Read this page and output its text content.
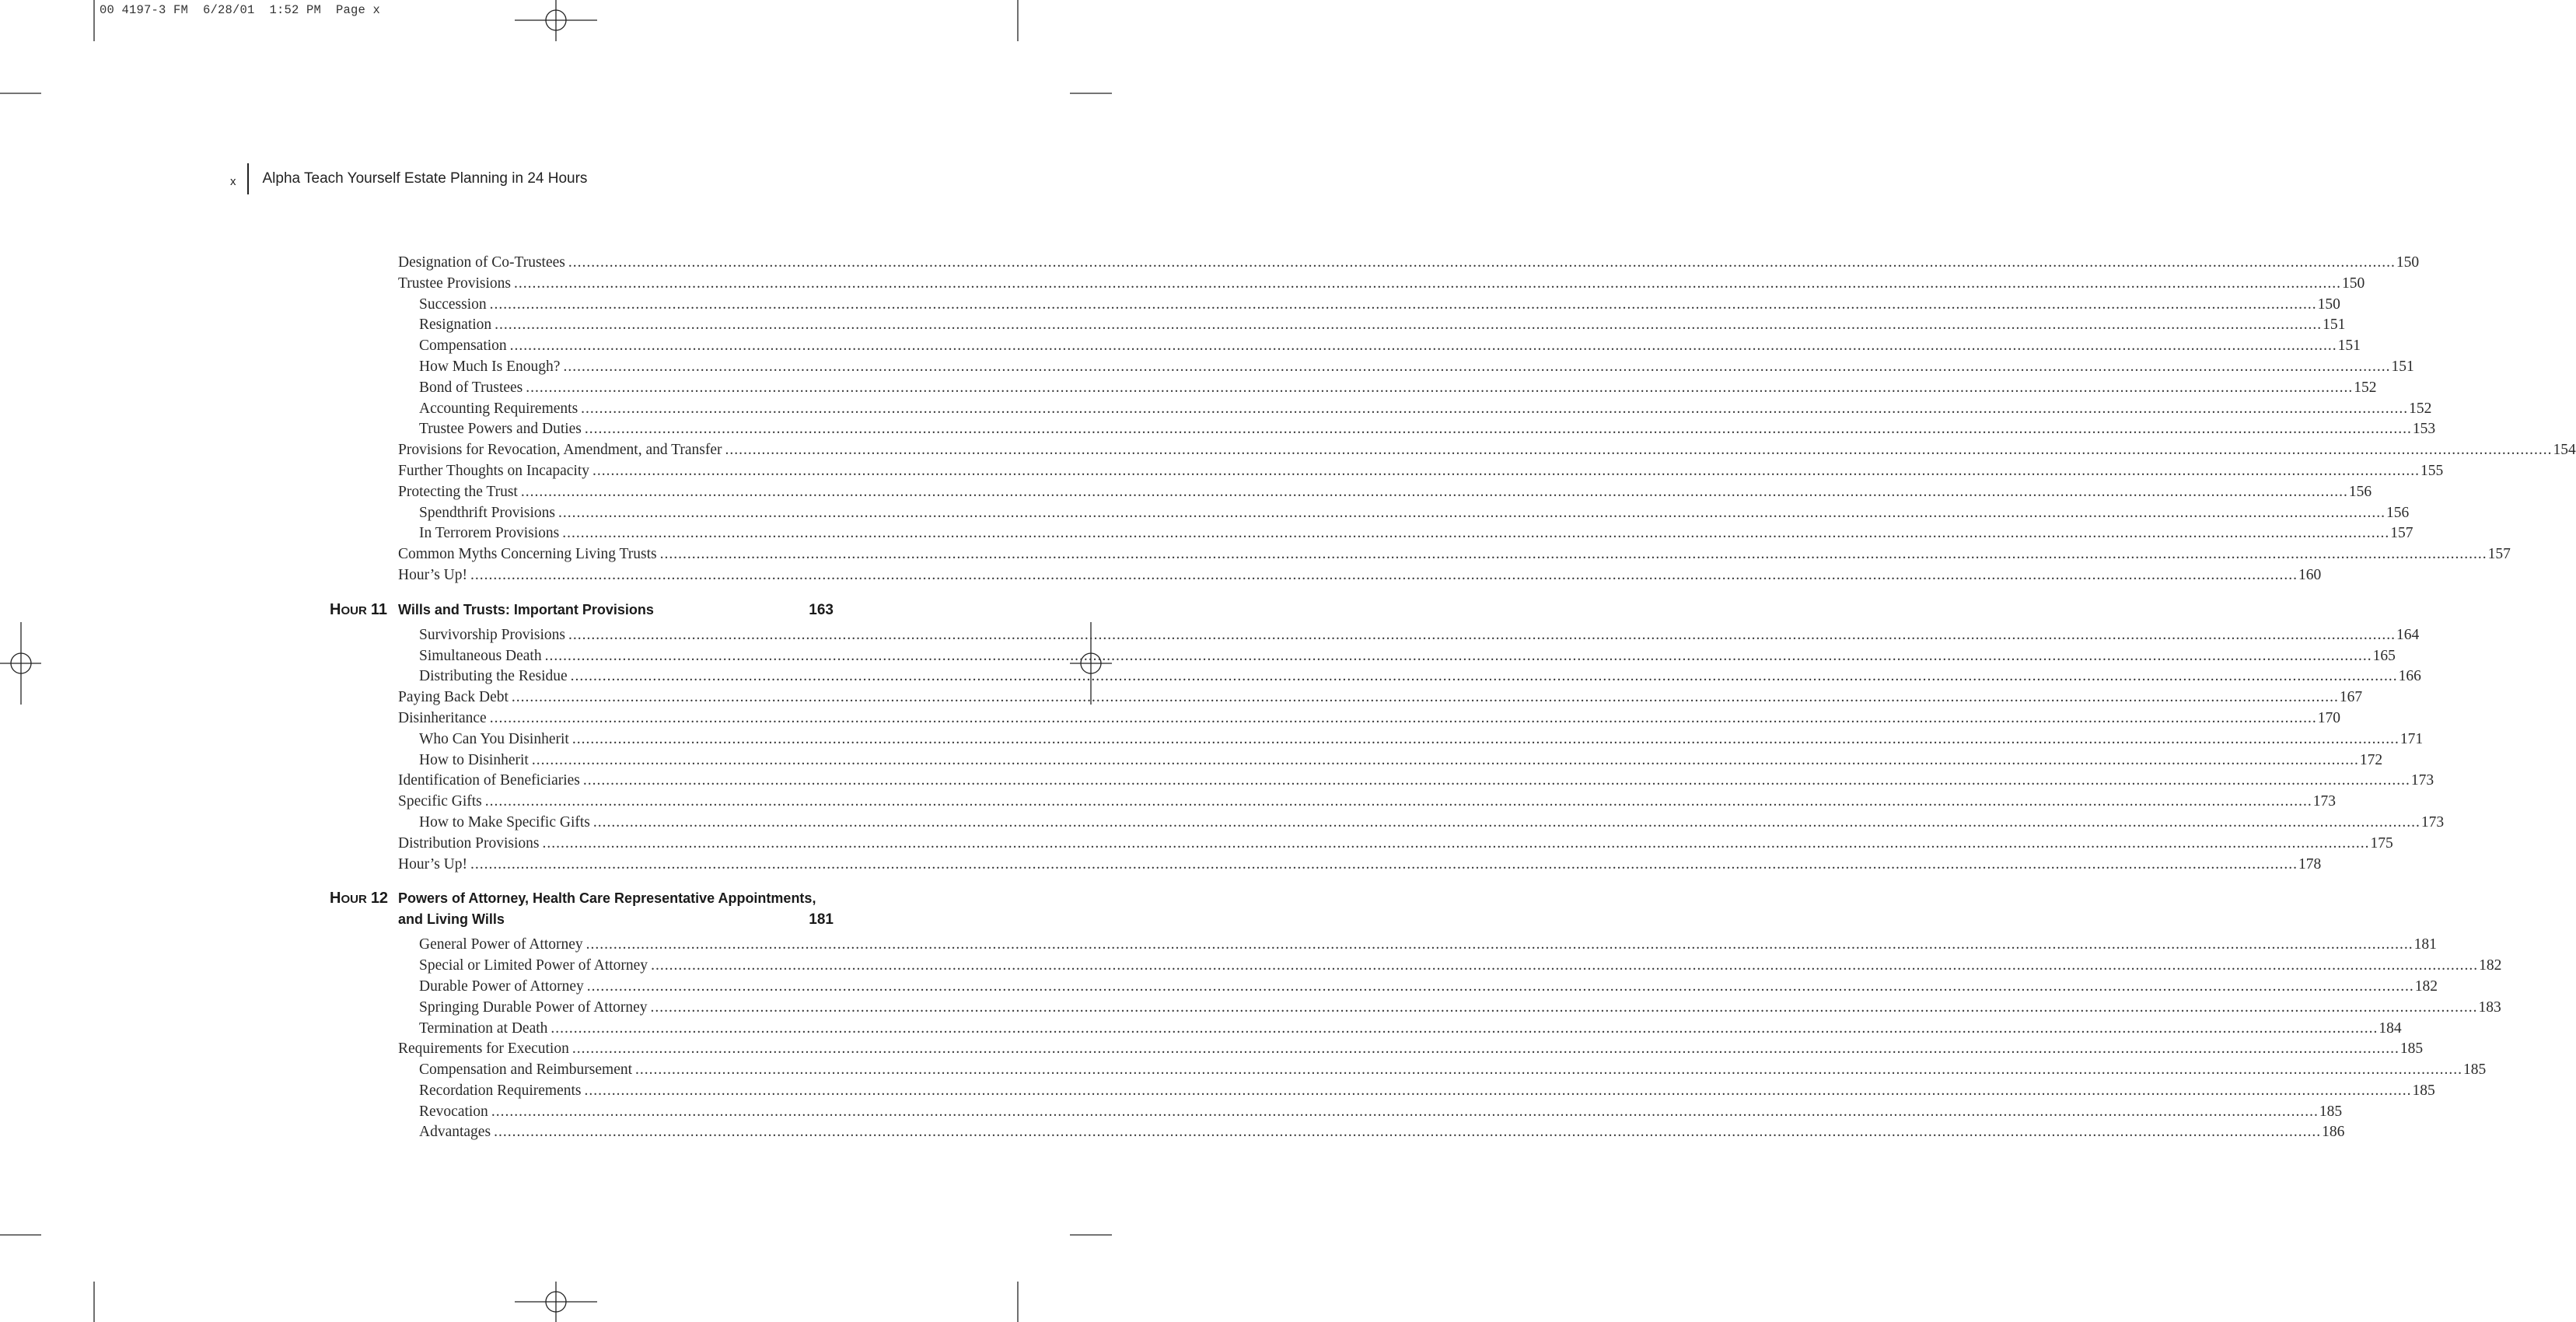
00 4197-3 FM  6/28/01  1:52 PM  Page x
x	Alpha Teach Yourself Estate Planning in 24 Hours
Designation of Co-Trustees ................................................................................................................................................................................................................................................................................................................................................................................................................ 150
Trustee Provisions ................................................................................................................................................................................................................................................................................................................................................................................................................ 150
Succession ................................................................................................................................................................................................................................................................................................................................................................................................................ 150
Resignation ................................................................................................................................................................................................................................................................................................................................................................................................................ 151
Compensation ................................................................................................................................................................................................................................................................................................................................................................................................................ 151
How Much Is Enough? ................................................................................................................................................................................................................................................................................................................................................................................................................ 151
Bond of Trustees ................................................................................................................................................................................................................................................................................................................................................................................................................ 152
Accounting Requirements ................................................................................................................................................................................................................................................................................................................................................................................................................ 152
Trustee Powers and Duties ................................................................................................................................................................................................................................................................................................................................................................................................................ 153
Provisions for Revocation, Amendment, and Transfer ................................................................................................................................................................................................................................................................................................................................................................................................................ 154
Further Thoughts on Incapacity ................................................................................................................................................................................................................................................................................................................................................................................................................ 155
Protecting the Trust ................................................................................................................................................................................................................................................................................................................................................................................................................ 156
Spendthrift Provisions ................................................................................................................................................................................................................................................................................................................................................................................................................ 156
In Terrorem Provisions ................................................................................................................................................................................................................................................................................................................................................................................................................ 157
Common Myths Concerning Living Trusts ................................................................................................................................................................................................................................................................................................................................................................................................................ 157
Hour’s Up! ................................................................................................................................................................................................................................................................................................................................................................................................................ 160
HOUR 11 Wills and Trusts: Important Provisions	163
Survivorship Provisions ................................................................................................................................................................................................................................................................................................................................................................................................................ 164
Simultaneous Death ................................................................................................................................................................................................................................................................................................................................................................................................................ 165
Distributing the Residue ................................................................................................................................................................................................................................................................................................................................................................................................................ 166
Paying Back Debt ................................................................................................................................................................................................................................................................................................................................................................................................................ 167
Disinheritance ................................................................................................................................................................................................................................................................................................................................................................................................................ 170
Who Can You Disinherit ................................................................................................................................................................................................................................................................................................................................................................................................................ 171
How to Disinherit ................................................................................................................................................................................................................................................................................................................................................................................................................ 172
Identification of Beneficiaries ................................................................................................................................................................................................................................................................................................................................................................................................................ 173
Specific Gifts ................................................................................................................................................................................................................................................................................................................................................................................................................ 173
How to Make Specific Gifts ................................................................................................................................................................................................................................................................................................................................................................................................................ 173
Distribution Provisions ................................................................................................................................................................................................................................................................................................................................................................................................................ 175
Hour’s Up! ................................................................................................................................................................................................................................................................................................................................................................................................................ 178
HOUR 12 Powers of Attorney, Health Care Representative Appointments,
and Living Wills	181
General Power of Attorney ................................................................................................................................................................................................................................................................................................................................................................................................................ 181
Special or Limited Power of Attorney ................................................................................................................................................................................................................................................................................................................................................................................................................ 182
Durable Power of Attorney ................................................................................................................................................................................................................................................................................................................................................................................................................ 182
Springing Durable Power of Attorney ................................................................................................................................................................................................................................................................................................................................................................................................................ 183
Termination at Death ................................................................................................................................................................................................................................................................................................................................................................................................................ 184
Requirements for Execution ................................................................................................................................................................................................................................................................................................................................................................................................................ 185
Compensation and Reimbursement ................................................................................................................................................................................................................................................................................................................................................................................................................ 185
Recordation Requirements ................................................................................................................................................................................................................................................................................................................................................................................................................ 185
Revocation ................................................................................................................................................................................................................................................................................................................................................................................................................ 185
Advantages ................................................................................................................................................................................................................................................................................................................................................................................................................ 186
